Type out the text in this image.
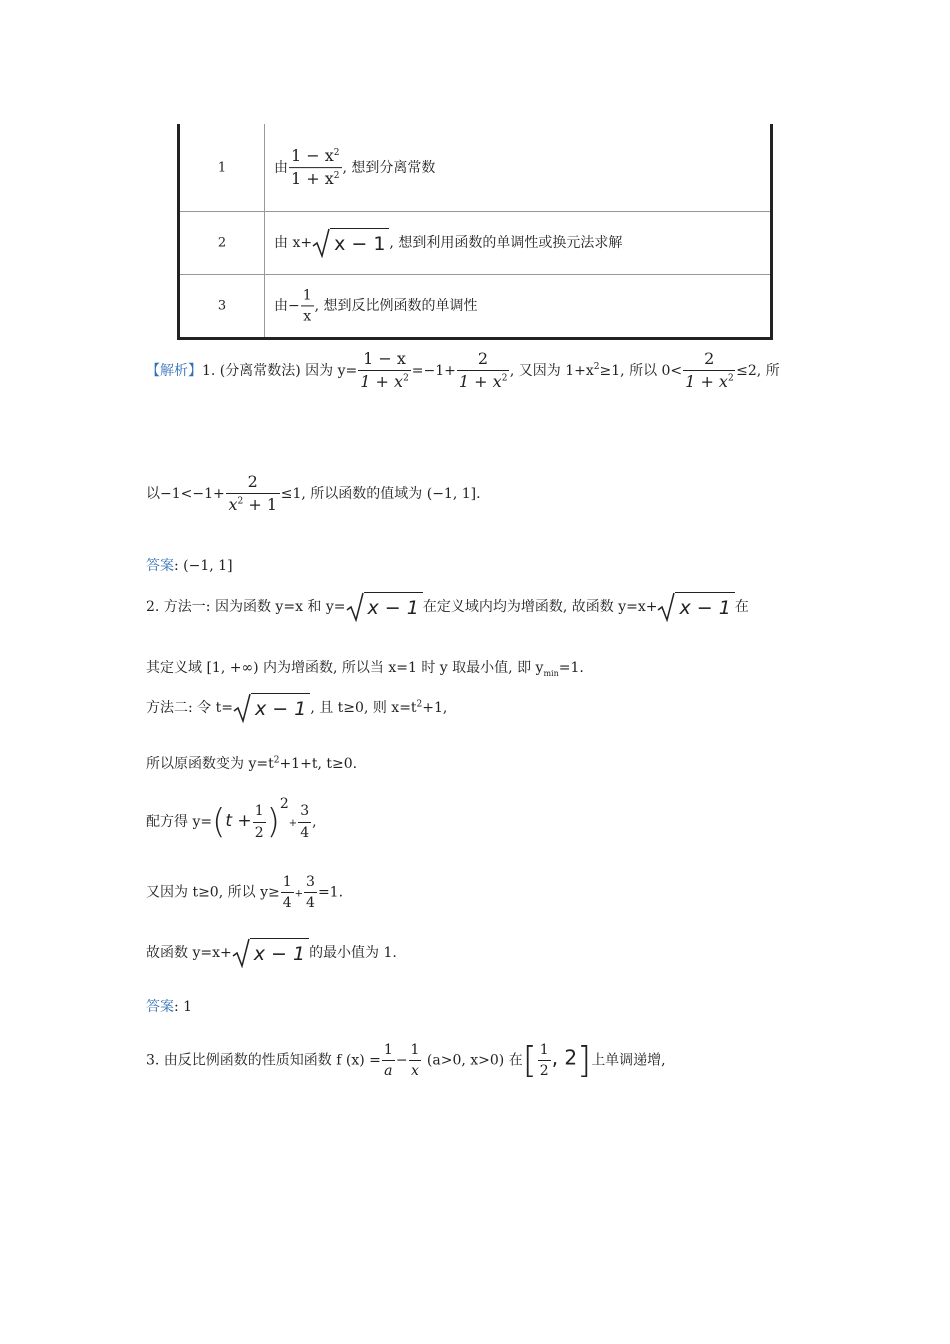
1	由 $\frac{1 - x^2}{1 + x^2}$ , 想到分离常数
2	由 x+ x − 1 , 想到利用函数的单调性或换元法求解
3	由− $\frac{1}{x}$ , 想到反比例函数的单调性
【解析】1. (分离常数法) 因为 $y= \frac{1 - x}{1 + x^2} =-1+ \frac{2}{1 + x^2}$ , 又因为 $1+x^2\ge 1$, 所以 $0< \frac{2}{1 + x^2} \le 2$, 所
以$-1<-1+ \frac{2}{x^2 + 1} \le 1$, 所以函数的值域为 (−1, 1].
答案: (−1, 1]
2. 方法一: 因为函数 y=x 和 y= x − 1 在定义域内均为增函数, 故函数 y=x+ x − 1 在
其定义域 [1, +∞) 内为增函数, 所以当 x=1 时 y 取最小值, 即 $y_{min}=1$.
方法二: 令 t= x − 1 , 且 t≥0, 则 $x=t^2+1$,
所以原函数变为 $y=t^2+1+t$, t≥0.
配方得 $y=(t + \frac{1}{2} )^2+ \frac{3}{4}$ ,
又因为 t≥0, 所以 $y\ge \frac{1}{4} + \frac{3}{4} =1$.
故函数 y=x+ x − 1 的最小值为 1.
答案: 1
3. 由反比例函数的性质知函数 f $(x) = \frac{1}{a} - \frac{1}{x} (a>0$, x>0) 在[ $\frac{1}{2}$ , 2]上单调递增,
